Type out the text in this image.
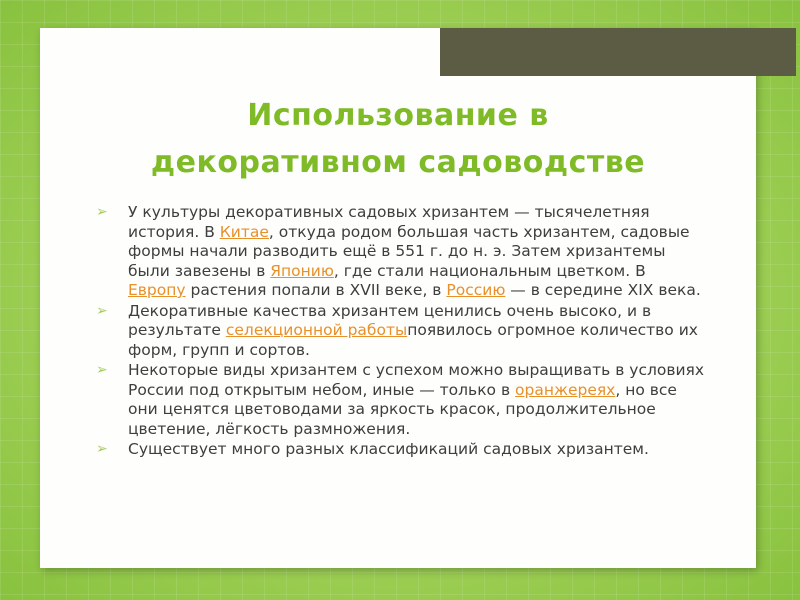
Использование в
декоративном садоводстве
➢ У культуры декоративных садовых хризантем — тысячелетняя история. В Китае, откуда родом большая часть хризантем, садовые формы начали разводить ещё в 551 г. до н. э. Затем хризантемы были завезены в Японию, где стали национальным цветком. В Европу растения попали в XVII веке, в Россию — в середине XIX века.
➢ Декоративные качества хризантем ценились очень высоко, и в результате селекционной работыпоявилось огромное количество их форм, групп и сортов.
➢ Некоторые виды хризантем с успехом можно выращивать в условиях России под открытым небом, иные — только в оранжереях, но все они ценятся цветоводами за яркость красок, продолжительное цветение, лёгкость размножения.
➢ Существует много разных классификаций садовых хризантем.
